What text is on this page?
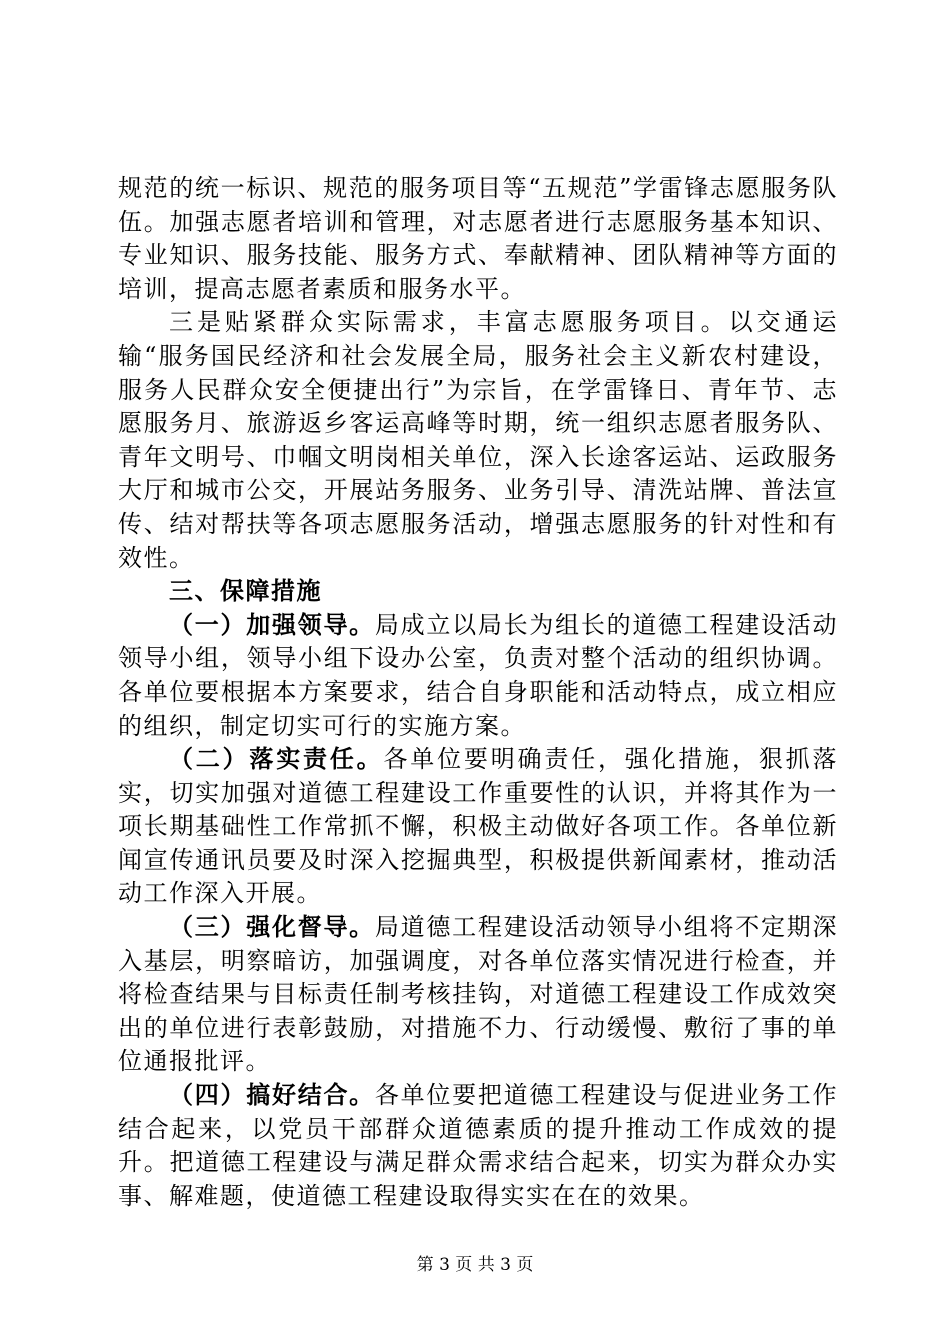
规范的统一标识、规范的服务项目等“五规范”学雷锋志愿服务队伍。加强志愿者培训和管理，对志愿者进行志愿服务基本知识、专业知识、服务技能、服务方式、奉献精神、团队精神等方面的培训，提高志愿者素质和服务水平。

三是贴紧群众实际需求，丰富志愿服务项目。以交通运输“服务国民经济和社会发展全局，服务社会主义新农村建设，服务人民群众安全便捷出行”为宗旨，在学雷锋日、青年节、志愿服务月、旅游返乡客运高峰等时期，统一组织志愿者服务队、青年文明号、巾帼文明岗相关单位，深入长途客运站、运政服务大厅和城市公交，开展站务服务、业务引导、清洗站牌、普法宣传、结对帮扶等各项志愿服务活动，增强志愿服务的针对性和有效性。

三、保障措施

（一）加强领导。局成立以局长为组长的道德工程建设活动领导小组，领导小组下设办公室，负责对整个活动的组织协调。各单位要根据本方案要求，结合自身职能和活动特点，成立相应的组织，制定切实可行的实施方案。

（二）落实责任。各单位要明确责任，强化措施，狠抓落实，切实加强对道德工程建设工作重要性的认识，并将其作为一项长期基础性工作常抓不懈，积极主动做好各项工作。各单位新闻宣传通讯员要及时深入挖掘典型，积极提供新闻素材，推动活动工作深入开展。

（三）强化督导。局道德工程建设活动领导小组将不定期深入基层，明察暗访，加强调度，对各单位落实情况进行检查，并将检查结果与目标责任制考核挂钩，对道德工程建设工作成效突出的单位进行表彰鼓励，对措施不力、行动缓慢、敷衍了事的单位通报批评。

（四）搞好结合。各单位要把道德工程建设与促进业务工作结合起来，以党员干部群众道德素质的提升推动工作成效的提升。把道德工程建设与满足群众需求结合起来，切实为群众办实事、解难题，使道德工程建设取得实实在在的效果。

第 3 页 共 3 页
